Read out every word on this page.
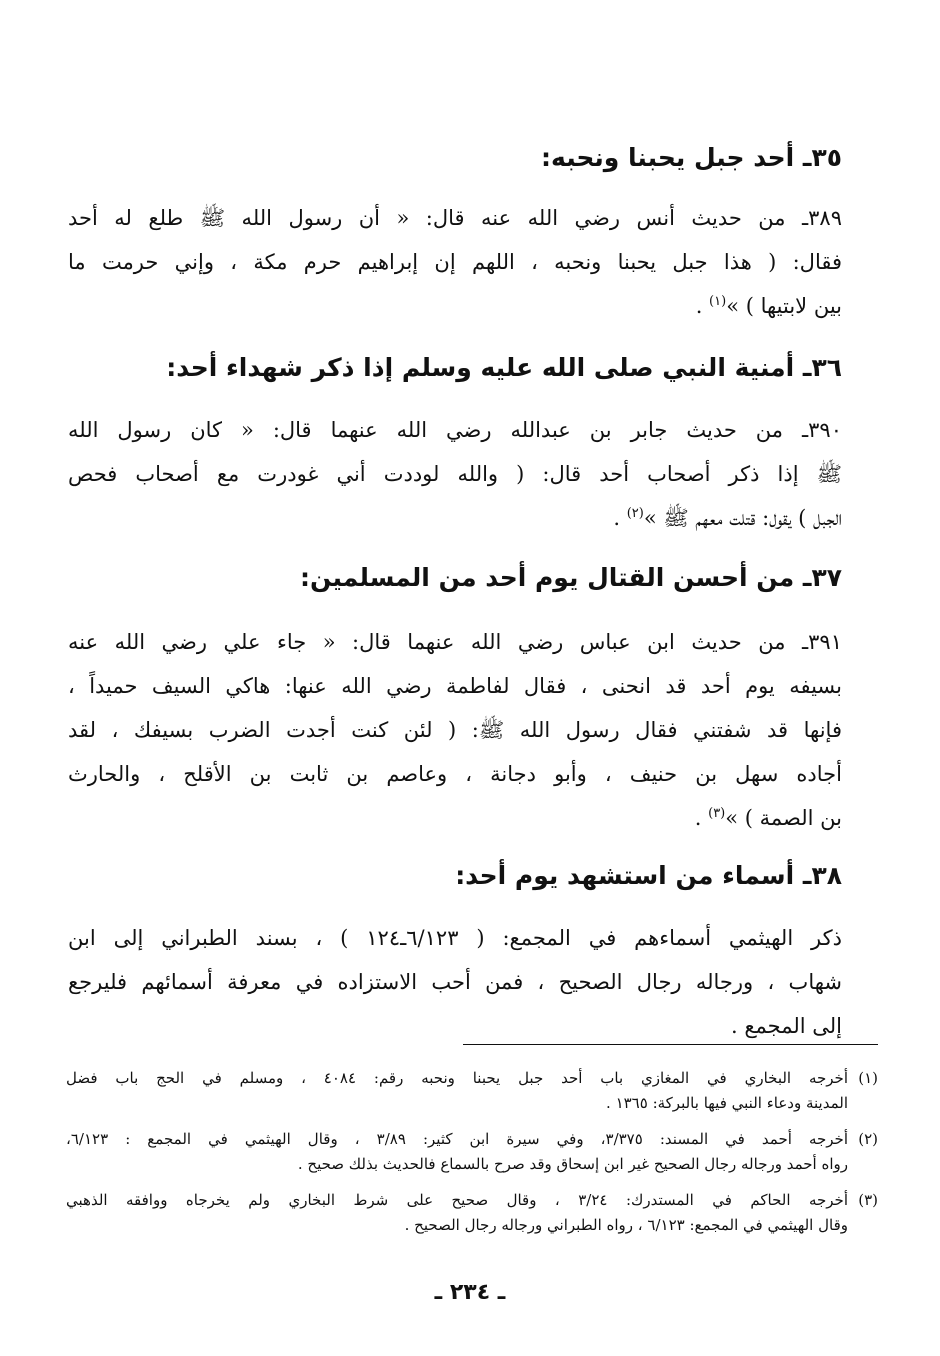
٣٥ـ أحد جبل يحبنا ونحبه:

٣٨٩ـ من حديث أنس رضي الله عنه قال: « أن رسول الله ﷺ طلع له أحد
فقال: ( هذا جبل يحبنا ونحبه ، اللهم إن إبراهيم حرم مكة ، وإني حرمت ما
بين لابتيها ) »$^{(١)}$ .

٣٦ـ أمنية النبي صلى الله عليه وسلم إذا ذكر شهداء أحد:

٣٩٠ـ من حديث جابر بن عبدالله رضي الله عنهما قال: « كان رسول الله
ﷺ إذا ذكر أصحاب أحد قال: ( والله لوددت أني غودرت مع أصحاب فحص
الجبل ) يقول: قتلت معهم ﷺ »$^{(٢)}$ .

٣٧ـ من أحسن القتال يوم أحد من المسلمين:

٣٩١ـ من حديث ابن عباس رضي الله عنهما قال: « جاء علي رضي الله عنه
بسيفه يوم أحد قد انحنى ، فقال لفاطمة رضي الله عنها: هاكي السيف حميداً ،
فإنها قد شفتني فقال رسول الله ﷺ: ( لئن كنت أجدت الضرب بسيفك ، لقد
أجاده سهل بن حنيف ، وأبو دجانة ، وعاصم بن ثابت بن الأقلح ، والحارث
بن الصمة ) »$^{(٣)}$ .

٣٨ـ أسماء من استشهد يوم أحد:

ذكر الهيثمي أسماءهم في المجمع: ( ٦/١٢٣ـ١٢٤ ) ، بسند الطبراني إلى ابن
شهاب ، ورجاله رجال الصحيح ، فمن أحب الاستزاده في معرفة أسمائهم فليرجع
إلى المجمع .

(١)
أخرجه البخاري في المغازي باب أحد جبل يحبنا ونحبه رقم: ٤٠٨٤ ، ومسلم في الحج باب فضل
المدينة ودعاء النبي فيها بالبركة: ١٣٦٥ .
(٢)
أخرجه أحمد في المسند: ٣/٣٧٥، وفي سيرة ابن كثير: ٣/٨٩ ، وقال الهيثمي في المجمع : ٦/١٢٣،
رواه أحمد ورجاله رجال الصحيح غير ابن إسحاق وقد صرح بالسماع فالحديث بذلك صحيح .
(٣)
أخرجه الحاكم في المستدرك: ٣/٢٤ ، وقال صحيح على شرط البخاري ولم يخرجاه ووافقه الذهبي
وقال الهيثمي في المجمع: ٦/١٢٣ ، رواه الطبراني ورجاله رجال الصحيح .
ـ ٢٣٤ ـ
